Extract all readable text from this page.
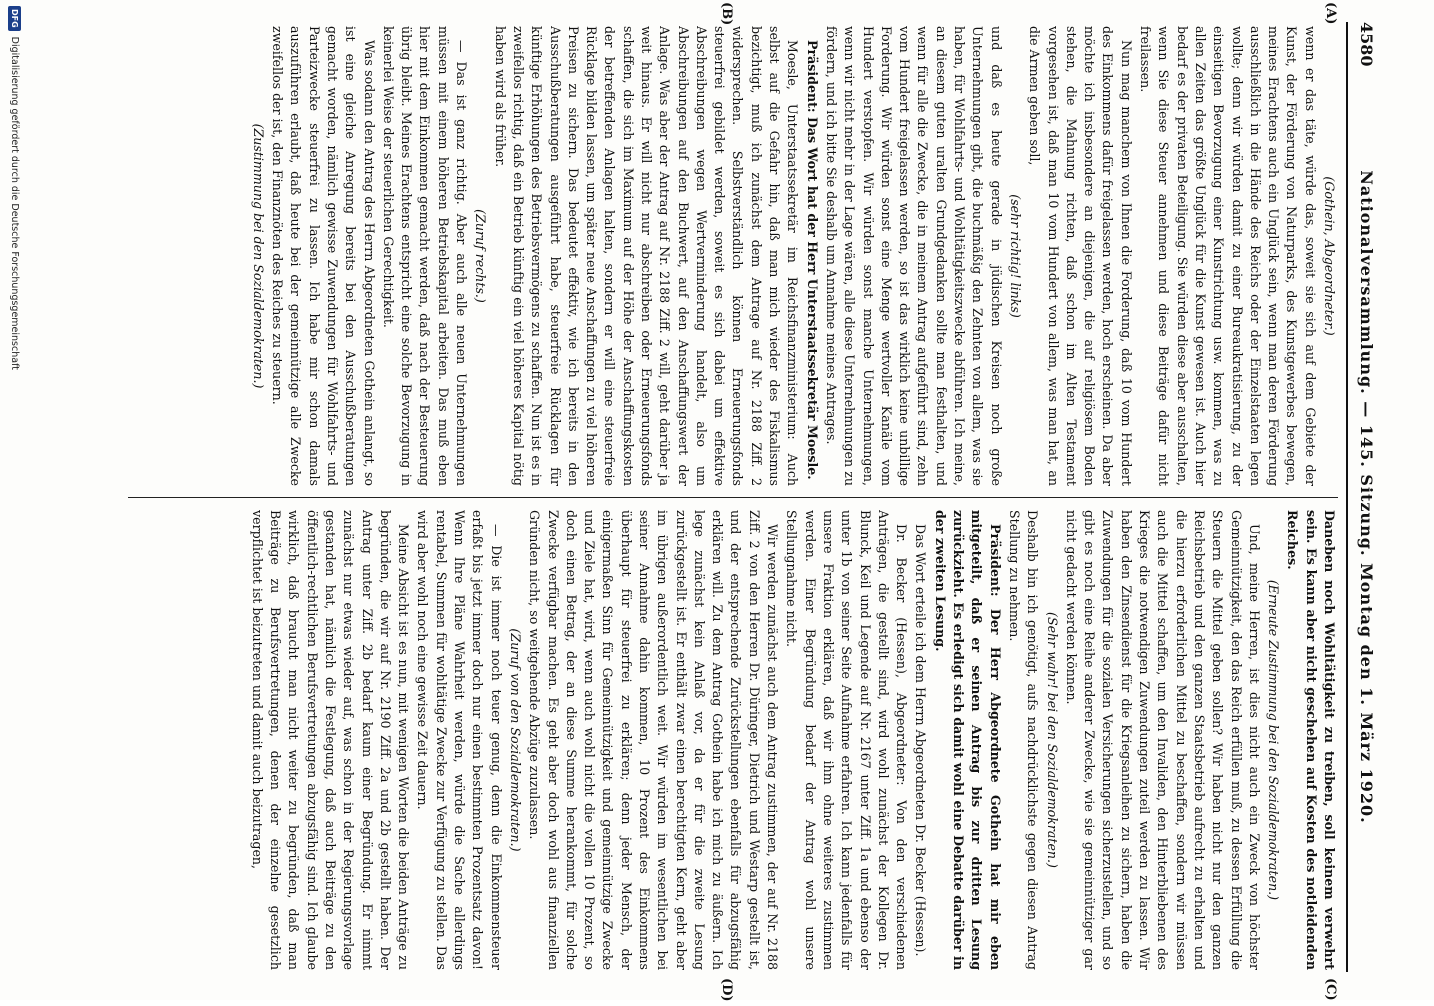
4580
Nationalversammlung. — 145. Sitzung. Montag den 1. März 1920.
(A)
(B)
(C)
(D)

(Gothein, Abgeordneter.)

wenn er das täte, würde das, soweit sie sich auf dem Gebiete der Kunst, der Förderung von Naturparks, des Kunstgewerbes bewegen, meines Erachtens auch ein Unglück sein, wenn man deren Förderung ausschließlich in die Hände des Reichs oder der Einzelstaaten legen wollte; denn wir würden damit zu einer Bureaukratisierung, zu der einseitigen Bevorzugung einer Kunstrichtung usw. kommen, was zu allen Zeiten das größte Unglück für die Kunst gewesen ist. Auch hier bedarf es der privaten Beteiligung. Sie würden diese aber ausschalten, wenn Sie diese Steuer annehmen und diese Beiträge dafür nicht freilassen.

Nun mag manchem von Ihnen die Forderung, daß 10 vom Hundert des Einkommens dafür freigelassen werden, hoch erscheinen. Da aber möchte ich insbesondere an diejenigen, die auf religiösem Boden stehen, die Mahnung richten, daß schon im Alten Testament vorgesehen ist, daß man 10 vom Hundert von allem, was man hat, an die Armen geben soll,

(sehr richtig! links)

und daß es heute gerade in jüdischen Kreisen noch große Unternehmungen gibt, die buchmäßig den Zehnten von allem, was sie haben, für Wohlfahrts- und Wohltätigkeitszwecke abführen. Ich meine, an diesem guten uralten Grundgedanken sollte man festhalten, und wenn für alle die Zwecke, die in meinem Antrag aufgeführt sind, zehn vom Hundert freigelassen werden, so ist das wirklich keine unbillige Forderung. Wir würden sonst eine Menge wertvoller Kanäle vom Hundert verstopfen. Wir würden sonst manche Unternehmungen, wenn wir nicht mehr in der Lage wären, alle diese Unternehmungen zu fördern, und ich bitte Sie deshalb um Annahme meines Antrages.

Präsident: Das Wort hat der Herr Unterstaatssekretär Moesle.

Moesle, Unterstaatssekretär im Reichsfinanzministerium: Auch selbst auf die Gefahr hin, daß man mich wieder des Fiskalismus bezichtigt, muß ich zunächst dem Antrage auf Nr. 2188 Ziff. 2 widersprechen. Selbstverständlich können Erneuerungsfonds steuerfrei gebildet werden, soweit es sich dabei um effektive Abschreibungen wegen Wertverminderung handelt, also um Abschreibungen auf den Buchwert, auf den Anschaffungswert der Anlage. Was aber der Antrag auf Nr. 2188 Ziff. 2 will, geht darüber ja weit hinaus. Er will nicht nur abschreiben oder Erneuerungsfonds schaffen, die sich im Maximum auf der Höhe der Anschaffungskosten der betreffenden Anlagen halten, sondern er will eine steuerfreie Rücklage bilden lassen, um später neue Anschaffungen zu viel höheren Preisen zu sichern. Das bedeutet effektiv, wie ich bereits in den Ausschußberatungen ausgeführt habe, steuerfreie Rücklagen für künftige Erhöhungen des Betriebsvermögens zu schaffen. Nun ist es in zweifellos richtig, daß ein Betrieb künftig ein viel höheres Kapital nötig haben wird als früher.

(Zuruf rechts.)

— Das ist ganz richtig. Aber auch alle neuen Unternehmungen müssen mit einem höheren Betriebskapital arbeiten. Das muß eben hier mit dem Einkommen gemacht werden, daß nach der Besteuerung übrig bleibt. Meines Erachtens entspricht eine solche Bevorzugung in keinerlei Weise der steuerlichen Gerechtigkeit.

Was sodann den Antrag des Herrn Abgeordneten Gothein anlangt, so ist eine gleiche Anregung bereits bei den Ausschußberatungen gemacht worden, nämlich gewisse Zuwendungen für Wohlfahrts- und Parteizwecke steuerfrei zu lassen. Ich habe mir schon damals auszuführen erlaubt, daß heute bei der gemeinnützige alle Zwecke zweifellos der ist, den Finanznöten des Reiches zu steuern.

(Zustimmung bei den Sozialdemokraten.)

Daneben noch Wohltätigkeit zu treiben, soll keinem verwehrt sein. Es kann aber nicht geschehen auf Kosten des notleidenden Reiches.

(Erneute Zustimmung bei den Sozialdemokraten.)

Und, meine Herren, ist dies nicht auch ein Zweck von höchster Gemeinnützigkeit, den das Reich erfüllen muß, zu dessen Erfüllung die Steuern die Mittel geben sollen? Wir haben nicht nur den ganzen Reichsbetrieb und den ganzen Staatsbetrieb aufrecht zu erhalten und die hierzu erforderlichen Mittel zu beschaffen, sondern wir müssen auch die Mittel schaffen, um den Invaliden, den Hinterbliebenen des Krieges die notwendigen Zuwendungen zuteil werden zu lassen. Wir haben den Zinsendienst für die Kriegsanleihen zu sichern, haben die Zuwendungen für die sozialen Versicherungen sicherzustellen, und so gibt es noch eine Reihe anderer Zwecke, wie sie gemeinnütziger gar nicht gedacht werden können.

(Sehr wahr! bei den Sozialdemokraten.)

Deshalb bin ich genötigt, aufs nachdrücklichste gegen diesen Antrag Stellung zu nehmen.

Präsident: Der Herr Abgeordnete Gothein hat mir eben mitgeteilt, daß er seinen Antrag bis zur dritten Lesung zurückzieht. Es erledigt sich damit wohl eine Debatte darüber in der zweiten Lesung.

Das Wort erteile ich dem Herrn Abgeordneten Dr. Becker (Hessen).

Dr. Becker (Hessen), Abgeordneter: Von den verschiedenen Anträgen, die gestellt sind, wird wohl zunächst der Kollegen Dr. Blunck, Keil und Legende auf Nr. 2167 unter Ziff. 1a und ebenso der unter 1b von seiner Seite Aufnahme erfahren. Ich kann jedenfalls für unsere Fraktion erklären, daß wir ihm ohne weiteres zustimmen werden. Einer Begründung bedarf der Antrag wohl unsere Stellungnahme nicht.

Wir werden zunächst auch dem Antrag zustimmen, der auf Nr. 2188 Ziff. 2 von den Herren Dr. Düringer, Dietrich und Westarp gestellt ist, und der entsprechende Zurückstellungen ebenfalls für abzugsfähig erklären will. Zu dem Antrag Gothein habe ich mich zu äußern. Ich lege zunächst kein Anlaß vor, da er für die zweite Lesung zurückgestellt ist. Er enthält zwar einen berechtigten Kern, geht aber im übrigen außerordentlich weit. Wir würden im wesentlichen bei seiner Annahme dahin kommen, 10 Prozent des Einkommens überhaupt für steuerfrei zu erklären; denn jeder Mensch, der einigermaßen Sinn für Gemeinnützigkeit und gemeinnützige Zwecke und Ziele hat, wird, wenn auch wohl nicht die vollen 10 Prozent, so doch einen Betrag, der an diese Summe herankommt, für solche Zwecke verfügbar machen. Es geht aber doch wohl aus finanziellen Gründen nicht, so weitgehende Abzüge zuzulassen.

(Zuruf von den Sozialdemokraten.)

— Die ist immer noch teuer genug, denn die Einkommensteuer erfaßt bis jetzt immer doch nur einen bestimmten Prozentsatz davon! Wenn Ihre Pläne Wahrheit werden, würde die Sache allerdings rentabel, Summen für wohltätige Zwecke zur Verfügung zu stellen. Das wird aber wohl noch eine gewisse Zeit dauern.

Meine Absicht ist es nun, mit wenigen Worten die beiden Anträge zu begründen, die wir auf Nr. 2190 Ziff. 2a und 2b gestellt haben. Der Antrag unter Ziff. 2b bedarf kaum einer Begründung. Er nimmt zunächst nur etwas wieder auf, was schon in der Regierungsvorlage gestanden hat, nämlich die Festlegung, daß auch Beiträge zu den öffentlich-rechtlichen Berufsvertretungen abzugsfähig sind. Ich glaube wirklich, daß braucht man nicht weiter zu begründen, daß man Beiträge zu Berufsvertretungen, denen der einzelne gesetzlich verpflichtet ist beizutreten und damit auch beizutragen,

DFG
Digitalisierung gefördert durch die Deutsche Forschungsgemeinschaft
